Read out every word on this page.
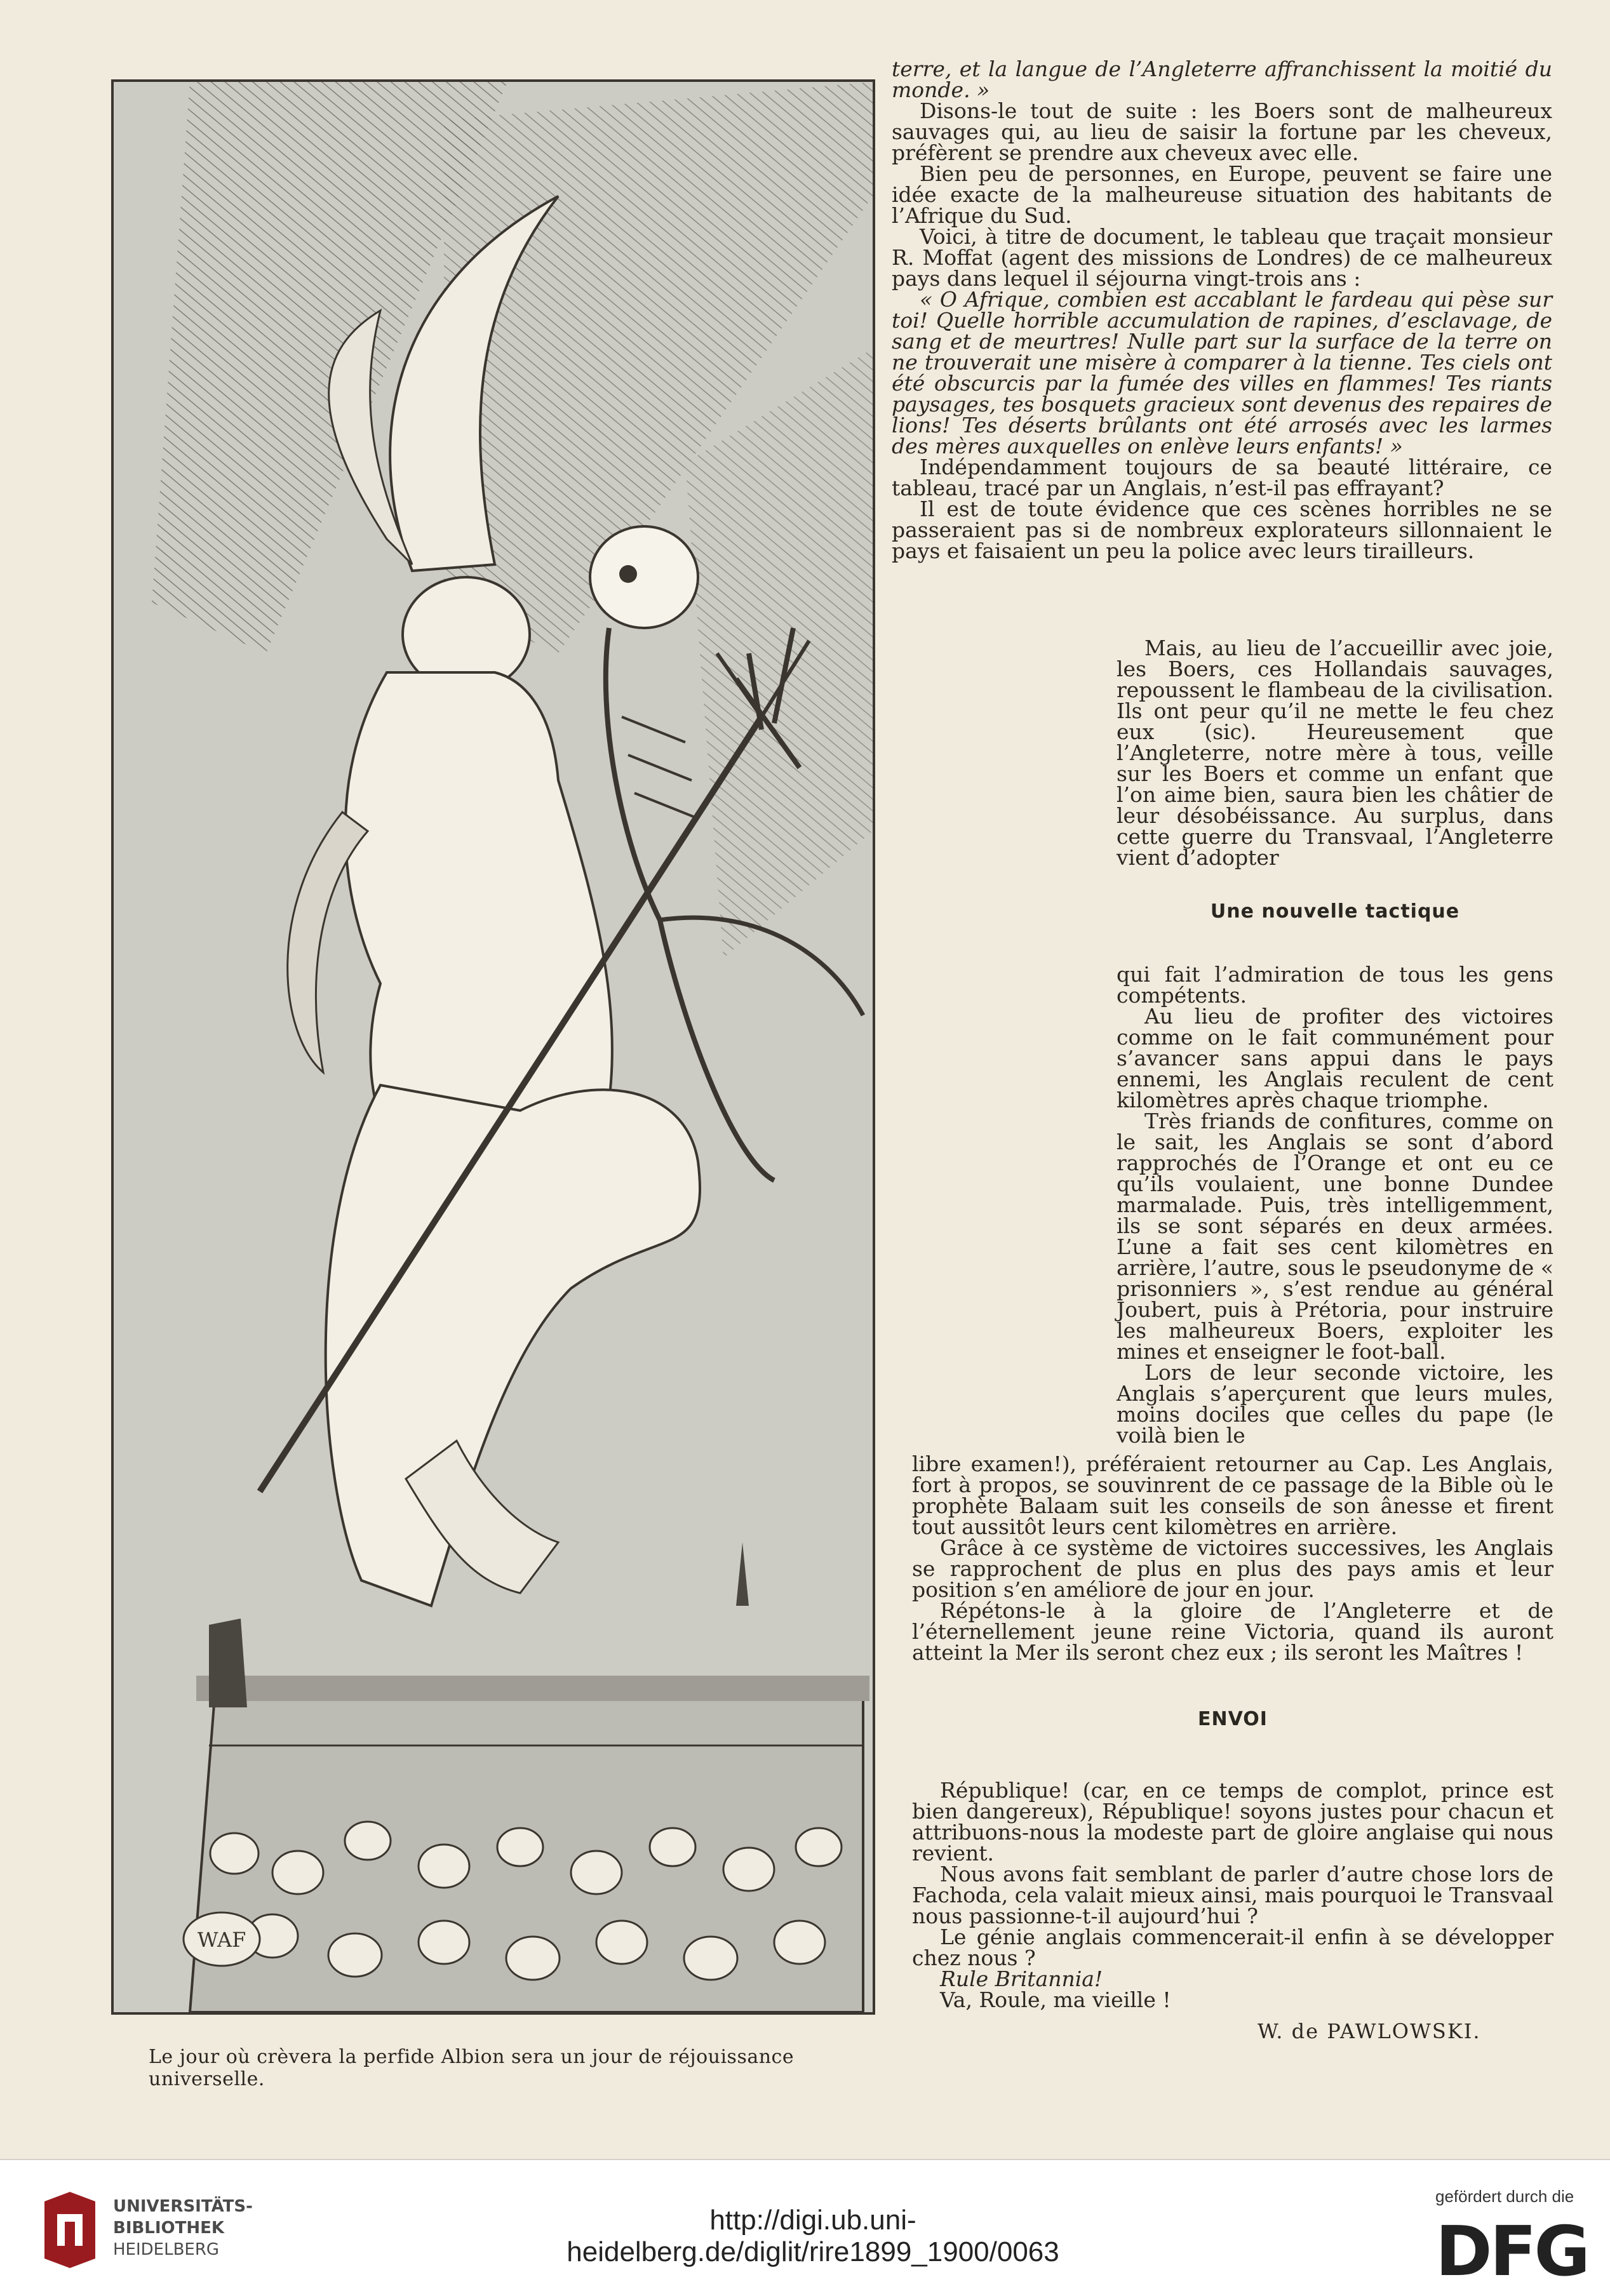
WAF
Le jour où crèvera la perfide Albion sera un jour de réjouissance universelle.

terre, et la langue de l’Angleterre affranchissent la moitié du monde. »

Disons-le tout de suite : les Boers sont de malheureux sauvages qui, au lieu de saisir la fortune par les cheveux, préfèrent se prendre aux cheveux avec elle.

Bien peu de personnes, en Europe, peuvent se faire une idée exacte de la malheureuse situation des habitants de l’Afrique du Sud.

Voici, à titre de document, le tableau que traçait monsieur R. Moffat (agent des missions de Londres) de ce malheureux pays dans lequel il séjourna vingt-trois ans :

« O Afrique, combien est accablant le fardeau qui pèse sur toi! Quelle horrible accumulation de rapines, d’esclavage, de sang et de meurtres! Nulle part sur la surface de la terre on ne trouverait une misère à comparer à la tienne. Tes ciels ont été obscurcis par la fumée des villes en flammes! Tes riants paysages, tes bosquets gracieux sont devenus des repaires de lions! Tes déserts brûlants ont été arrosés avec les larmes des mères auxquelles on enlève leurs enfants! »

Indépendamment toujours de sa beauté littéraire, ce tableau, tracé par un Anglais, n’est-il pas effrayant?

Il est de toute évidence que ces scènes horribles ne se passeraient pas si de nombreux explorateurs sillonnaient le pays et faisaient un peu la police avec leurs tirailleurs.

Mais, au lieu de l’accueillir avec joie, les Boers, ces Hollandais sauvages, repoussent le flambeau de la civilisation. Ils ont peur qu’il ne mette le feu chez eux (sic). Heureusement que l’Angleterre, notre mère à tous, veille sur les Boers et comme un enfant que l’on aime bien, saura bien les châtier de leur désobéissance. Au surplus, dans cette guerre du Transvaal, l’Angleterre vient d’adopter

Une nouvelle tactique

qui fait l’admiration de tous les gens compétents.

Au lieu de profiter des victoires comme on le fait communément pour s’avancer sans appui dans le pays ennemi, les Anglais reculent de cent kilomètres après chaque triomphe.

Très friands de confitures, comme on le sait, les Anglais se sont d’abord rapprochés de l’Orange et ont eu ce qu’ils voulaient, une bonne Dundee marmalade. Puis, très intelligemment, ils se sont séparés en deux armées. L’une a fait ses cent kilomètres en arrière, l’autre, sous le pseudonyme de « prisonniers », s’est rendue au général Joubert, puis à Prétoria, pour instruire les malheureux Boers, exploiter les mines et enseigner le foot-ball.

Lors de leur seconde victoire, les Anglais s’aperçurent que leurs mules, moins dociles que celles du pape (le voilà bien le

libre examen!), préféraient retourner au Cap. Les Anglais, fort à propos, se souvinrent de ce passage de la Bible où le prophète Balaam suit les conseils de son ânesse et firent tout aussitôt leurs cent kilomètres en arrière.

Grâce à ce système de victoires successives, les Anglais se rapprochent de plus en plus des pays amis et leur position s’en améliore de jour en jour.

Répétons-le à la gloire de l’Angleterre et de l’éternellement jeune reine Victoria, quand ils auront atteint la Mer ils seront chez eux ; ils seront les Maîtres !

ENVOI

République! (car, en ce temps de complot, prince est bien dangereux), République! soyons justes pour chacun et attribuons-nous la modeste part de gloire anglaise qui nous revient.

Nous avons fait semblant de parler d’autre chose lors de Fachoda, cela valait mieux ainsi, mais pourquoi le Transvaal nous passionne-t-il aujourd’hui ?

Le génie anglais commencerait-il enfin à se développer chez nous ?

Rule Britannia!

Va, Roule, ma vieille !

W. de PAWLOWSKI.
UNIVERSITÄTS-
BIBLIOTHEK
HEIDELBERG
http://digi.ub.uni-heidelberg.de/diglit/rire1899_1900/0063
gefördert durch die
DFG
